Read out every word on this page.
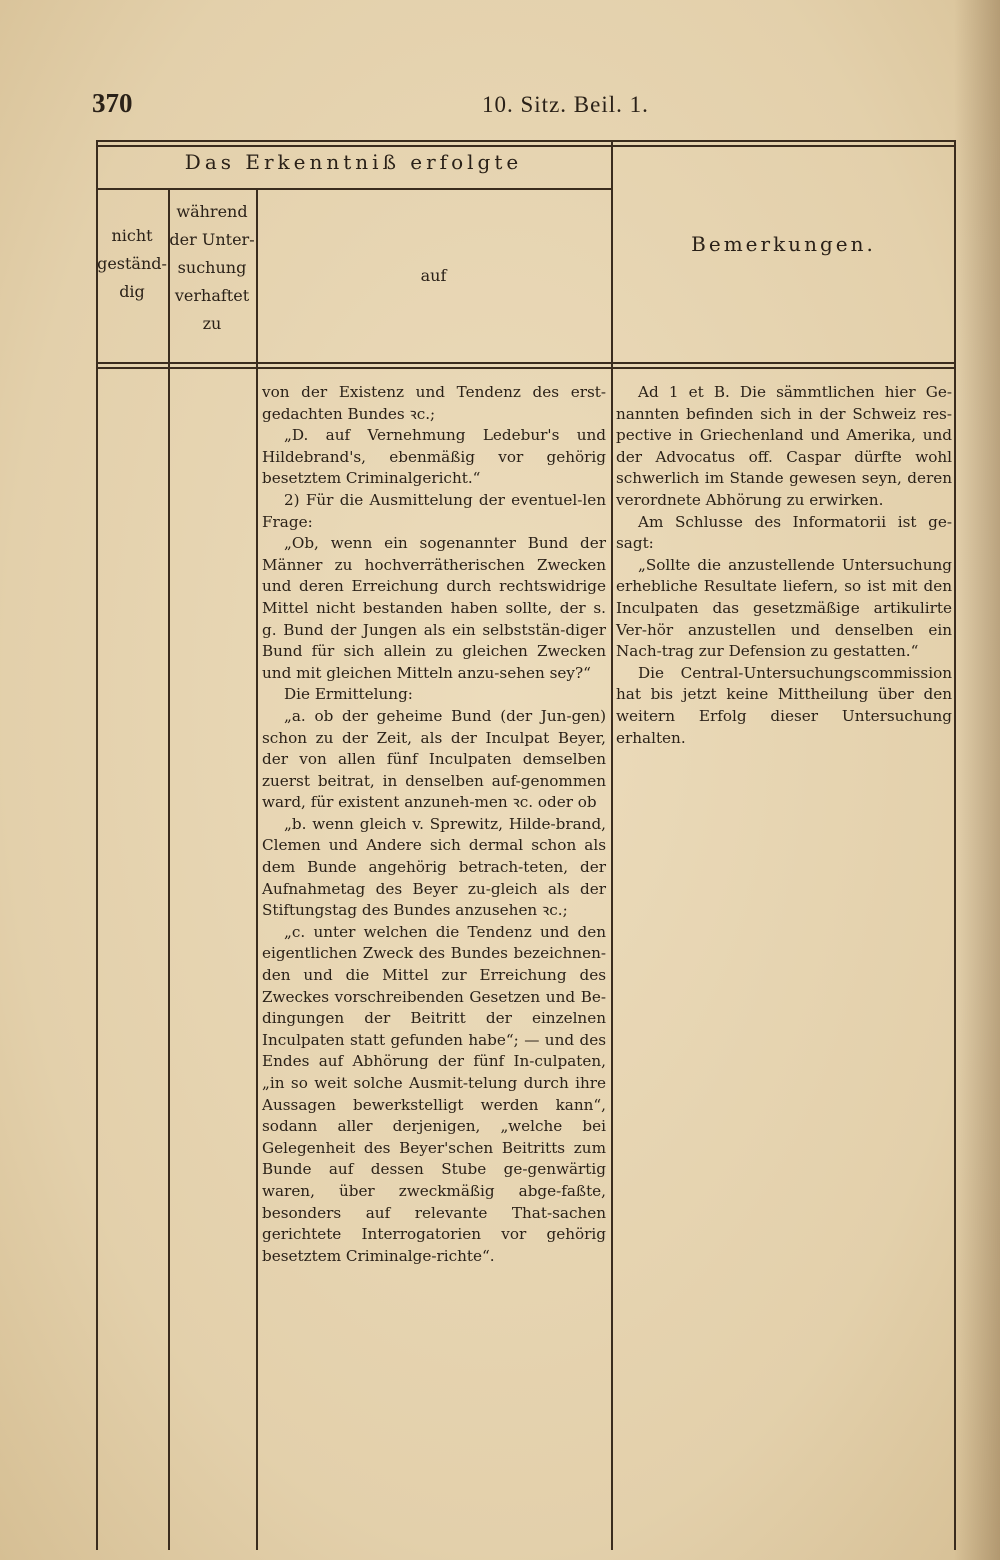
370	10. Sitz. Beil. 1.
Das Erkenntniß erfolgte
nicht
geständ-
dig
während
der Unter-
suchung
verhaftet
zu
auf
Bemerkungen.

von der Existenz und Tendenz des erst-gedachten Bundes ꝛc.;

„D. auf Vernehmung Ledebur's und Hildebrand's, ebenmäßig vor gehörig besetztem Criminalgericht.“

2) Für die Ausmittelung der eventuel-len Frage:

„Ob, wenn ein sogenannter Bund der Männer zu hochverrätherischen Zwecken und deren Erreichung durch rechtswidrige Mittel nicht bestanden haben sollte, der s. g. Bund der Jungen als ein selbststän-diger Bund für sich allein zu gleichen Zwecken und mit gleichen Mitteln anzu-sehen sey?“

Die Ermittelung:

„a. ob der geheime Bund (der Jun-gen) schon zu der Zeit, als der Inculpat Beyer, der von allen fünf Inculpaten demselben zuerst beitrat, in denselben auf-genommen ward, für existent anzuneh-men ꝛc. oder ob

„b. wenn gleich v. Sprewitz, Hilde-brand, Clemen und Andere sich dermal schon als dem Bunde angehörig betrach-teten, der Aufnahmetag des Beyer zu-gleich als der Stiftungstag des Bundes anzusehen ꝛc.;

„c. unter welchen die Tendenz und den eigentlichen Zweck des Bundes bezeichnen-den und die Mittel zur Erreichung des Zweckes vorschreibenden Gesetzen und Be-dingungen der Beitritt der einzelnen Inculpaten statt gefunden habe“; — und des Endes auf Abhörung der fünf In-culpaten, „in so weit solche Ausmit-telung durch ihre Aussagen bewerkstelligt werden kann“, sodann aller derjenigen, „welche bei Gelegenheit des Beyer'schen Beitritts zum Bunde auf dessen Stube ge-genwärtig waren, über zweckmäßig abge-faßte, besonders auf relevante That-sachen gerichtete Interrogatorien vor gehörig besetztem Criminalge-richte“.

Ad 1 et B. Die sämmtlichen hier Ge-nannten befinden sich in der Schweiz res-pective in Griechenland und Amerika, und der Advocatus off. Caspar dürfte wohl schwerlich im Stande gewesen seyn, deren verordnete Abhörung zu erwirken.

Am Schlusse des Informatorii ist ge-sagt:

„Sollte die anzustellende Untersuchung erhebliche Resultate liefern, so ist mit den Inculpaten das gesetzmäßige artikulirte Ver-hör anzustellen und denselben ein Nach-trag zur Defension zu gestatten.“

Die Central-Untersuchungscommission hat bis jetzt keine Mittheilung über den weitern Erfolg dieser Untersuchung erhalten.
